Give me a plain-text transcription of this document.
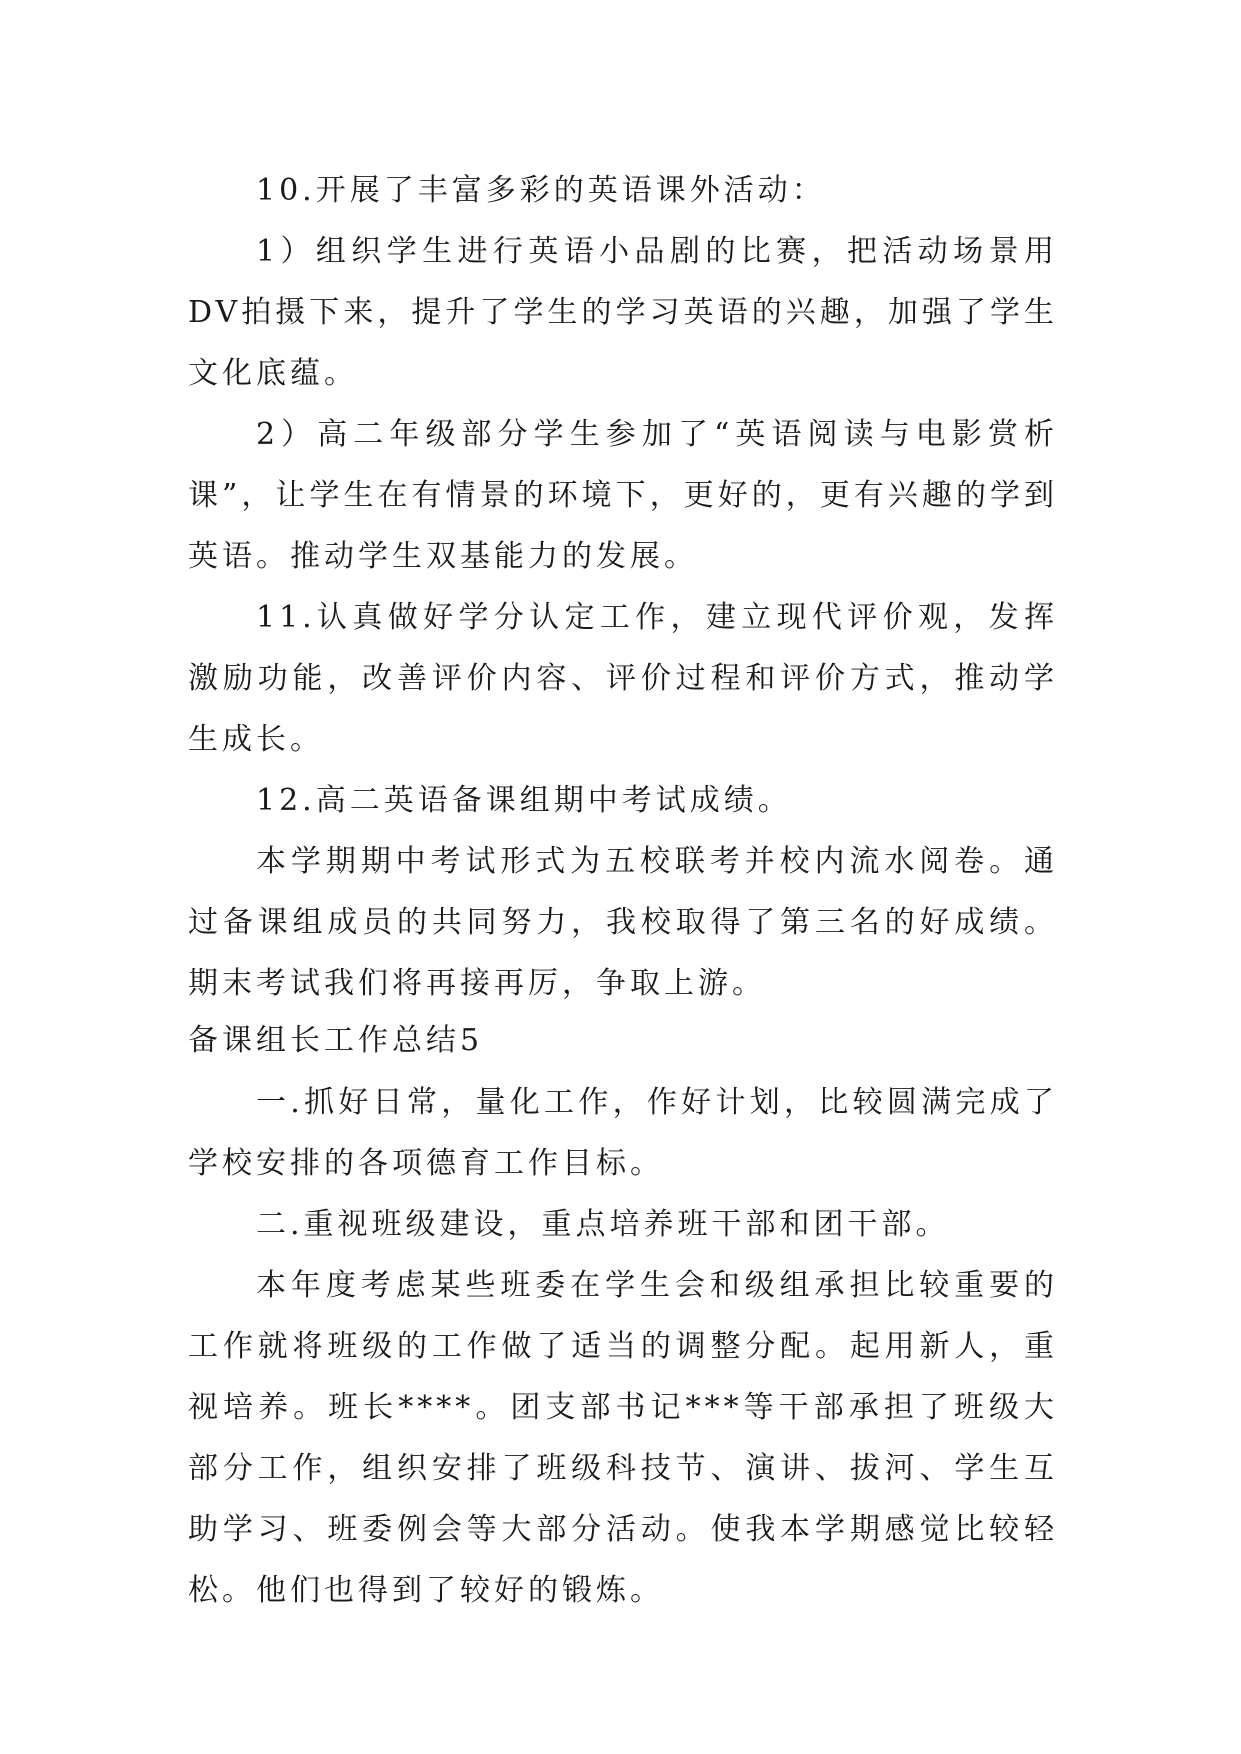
10.开展了丰富多彩的英语课外活动：

1）组织学生进行英语小品剧的比赛，把活动场景用DV拍摄下来，提升了学生的学习英语的兴趣，加强了学生文化底蕴。

2）高二年级部分学生参加了“英语阅读与电影赏析课”，让学生在有情景的环境下，更好的，更有兴趣的学到英语。推动学生双基能力的发展。

11.认真做好学分认定工作，建立现代评价观，发挥激励功能，改善评价内容、评价过程和评价方式，推动学生成长。

12.高二英语备课组期中考试成绩。

本学期期中考试形式为五校联考并校内流水阅卷。通过备课组成员的共同努力，我校取得了第三名的好成绩。期末考试我们将再接再厉，争取上游。

备课组长工作总结5

一.抓好日常，量化工作，作好计划，比较圆满完成了学校安排的各项德育工作目标。

二.重视班级建设，重点培养班干部和团干部。

本年度考虑某些班委在学生会和级组承担比较重要的工作就将班级的工作做了适当的调整分配。起用新人，重视培养。班长****。团支部书记***等干部承担了班级大部分工作，组织安排了班级科技节、演讲、拔河、学生互助学习、班委例会等大部分活动。使我本学期感觉比较轻松。他们也得到了较好的锻炼。
